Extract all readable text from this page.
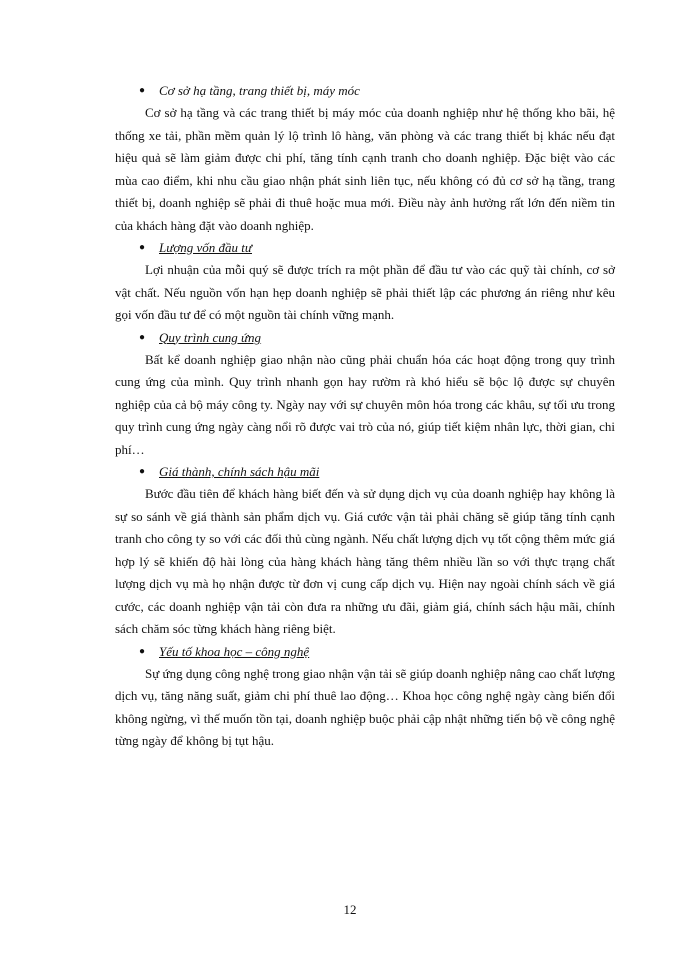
● Cơ sở hạ tầng, trang thiết bị, máy móc

Cơ sở hạ tầng và các trang thiết bị máy móc của doanh nghiệp như hệ thống kho bãi, hệ thống xe tải, phần mềm quản lý lộ trình lô hàng, văn phòng và các trang thiết bị khác nếu đạt hiệu quả sẽ làm giảm được chi phí, tăng tính cạnh tranh cho doanh nghiệp. Đặc biệt vào các mùa cao điểm, khi nhu cầu giao nhận phát sinh liên tục, nếu không có đủ cơ sở hạ tầng, trang thiết bị, doanh nghiệp sẽ phải đi thuê hoặc mua mới. Điều này ảnh hưởng rất lớn đến niềm tin của khách hàng đặt vào doanh nghiệp.

● Lượng vốn đầu tư

Lợi nhuận của mỗi quý sẽ được trích ra một phần để đầu tư vào các quỹ tài chính, cơ sở vật chất. Nếu nguồn vốn hạn hẹp doanh nghiệp sẽ phải thiết lập các phương án riêng như kêu gọi vốn đầu tư để có một nguồn tài chính vững mạnh.

● Quy trình cung ứng

Bất kể doanh nghiệp giao nhận nào cũng phải chuẩn hóa các hoạt động trong quy trình cung ứng của mình. Quy trình nhanh gọn hay rườm rà khó hiểu sẽ bộc lộ được sự chuyên nghiệp của cả bộ máy công ty. Ngày nay với sự chuyên môn hóa trong các khâu, sự tối ưu trong quy trình cung ứng ngày càng nổi rõ được vai trò của nó, giúp tiết kiệm nhân lực, thời gian, chi phí…

● Giá thành, chính sách hậu mãi

Bước đầu tiên để khách hàng biết đến và sử dụng dịch vụ của doanh nghiệp hay không là sự so sánh về giá thành sản phẩm dịch vụ. Giá cước vận tải phải chăng sẽ giúp tăng tính cạnh tranh cho công ty so với các đối thủ cùng ngành. Nếu chất lượng dịch vụ tốt cộng thêm mức giá hợp lý sẽ khiến độ hài lòng của hàng khách hàng tăng thêm nhiều lần so với thực trạng chất lượng dịch vụ mà họ nhận được từ đơn vị cung cấp dịch vụ. Hiện nay ngoài chính sách về giá cước, các doanh nghiệp vận tải còn đưa ra những ưu đãi, giảm giá, chính sách hậu mãi, chính sách chăm sóc từng khách hàng riêng biệt.

● Yếu tố khoa học – công nghệ

Sự ứng dụng công nghệ trong giao nhận vận tải sẽ giúp doanh nghiệp nâng cao chất lượng dịch vụ, tăng năng suất, giảm chi phí thuê lao động… Khoa học công nghệ ngày càng biến đổi không ngừng, vì thế muốn tồn tại, doanh nghiệp buộc phải cập nhật những tiến bộ về công nghệ từng ngày để không bị tụt hậu.

12
